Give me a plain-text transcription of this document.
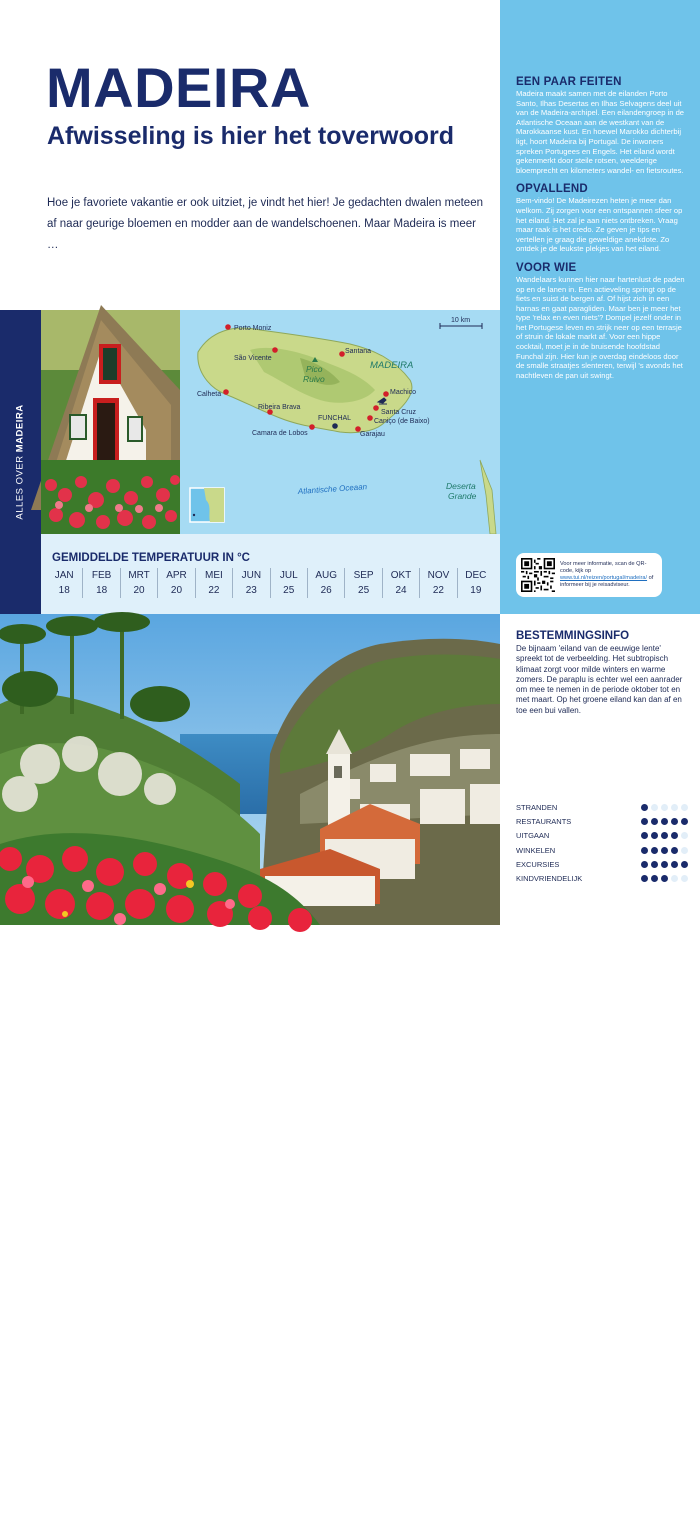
EEN PAAR FEITEN

Madeira maakt samen met de eilanden Porto Santo, Ilhas Desertas en Ilhas Selvagens deel uit van de Madeira-archipel. Een eilandengroep in de Atlantische Oceaan aan de westkant van de Marokkaanse kust. En hoewel Marokko dichterbij ligt, hoort Madeira bij Portugal. De inwoners spreken Portugees en Engels. Het eiland wordt gekenmerkt door steile rotsen, weelderige bloemprecht en kilometers wandel- en fietsroutes.

OPVALLEND

Bem-vindo! De Madeirezen heten je meer dan welkom. Zij zorgen voor een ontspannen sfeer op het eiland. Het zal je aan niets ontbreken. Vraag maar raak is het credo. Ze geven je tips en vertellen je graag die geweldige anekdote. Zo ontdek je de leukste plekjes van het eiland.

VOOR WIE

Wandelaars kunnen hier naar hartenlust de paden op en de lanen in. Een actieveling springt op de fiets en suist de bergen af. Of hijst zich in een harnas en gaat paragliden. Maar ben je meer het type 'relax en even niets'? Dompel jezelf onder in het Portugese leven en strijk neer op een terrasje of struin de lokale markt af. Voor een hippe cocktail, moet je in de bruisende hoofdstad Funchal zijn. Hier kun je overdag eindeloos door de smalle straatjes slenteren, terwijl 's avonds het nachtleven de pan uit swingt.

Voor meer informatie, scan de QR-code, kijk op www.tui.nl/reizen/portugal/madeira/ of informeer bij je reisadviseur.
MADEIRA
Afwisseling is hier het toverwoord

Hoe je favoriete vakantie er ook uitziet, je vindt het hier! Je gedachten dwalen meteen af naar geurige bloemen en modder aan de wandelschoenen. Maar Madeira is meer …

ALLES OVER MADEIRA
10 km
MADEIRA
Pico Ruivo
Atlantische Oceaan	Deserta Grande
Porto Moniz
São Vicente
Santana
Calheta
Ribeira Brava
Machico
Santa Cruz
Caniço (de Baixo)
FUNCHAL
Camara de Lobos	Garajau
GEMIDDELDE TEMPERATUUR IN °C
JAN
18
FEB
18
MRT
20
APR
20
MEI
22
JUN
23
JUL
25
AUG
26
SEP
25
OKT
24
NOV
22
DEC
19
124
BESTEMMINGSINFO

De bijnaam 'eiland van de eeuwige lente' spreekt tot de verbeelding. Het subtropisch klimaat zorgt voor milde winters en warme zomers. De paraplu is echter wel een aanrader om mee te nemen in de periode oktober tot en met maart. Op het groene eiland kan dan af en toe een bui vallen.

STRANDEN
RESTAURANTS
UITGAAN
WINKELEN
EXCURSIES
KINDVRIENDELIJK
